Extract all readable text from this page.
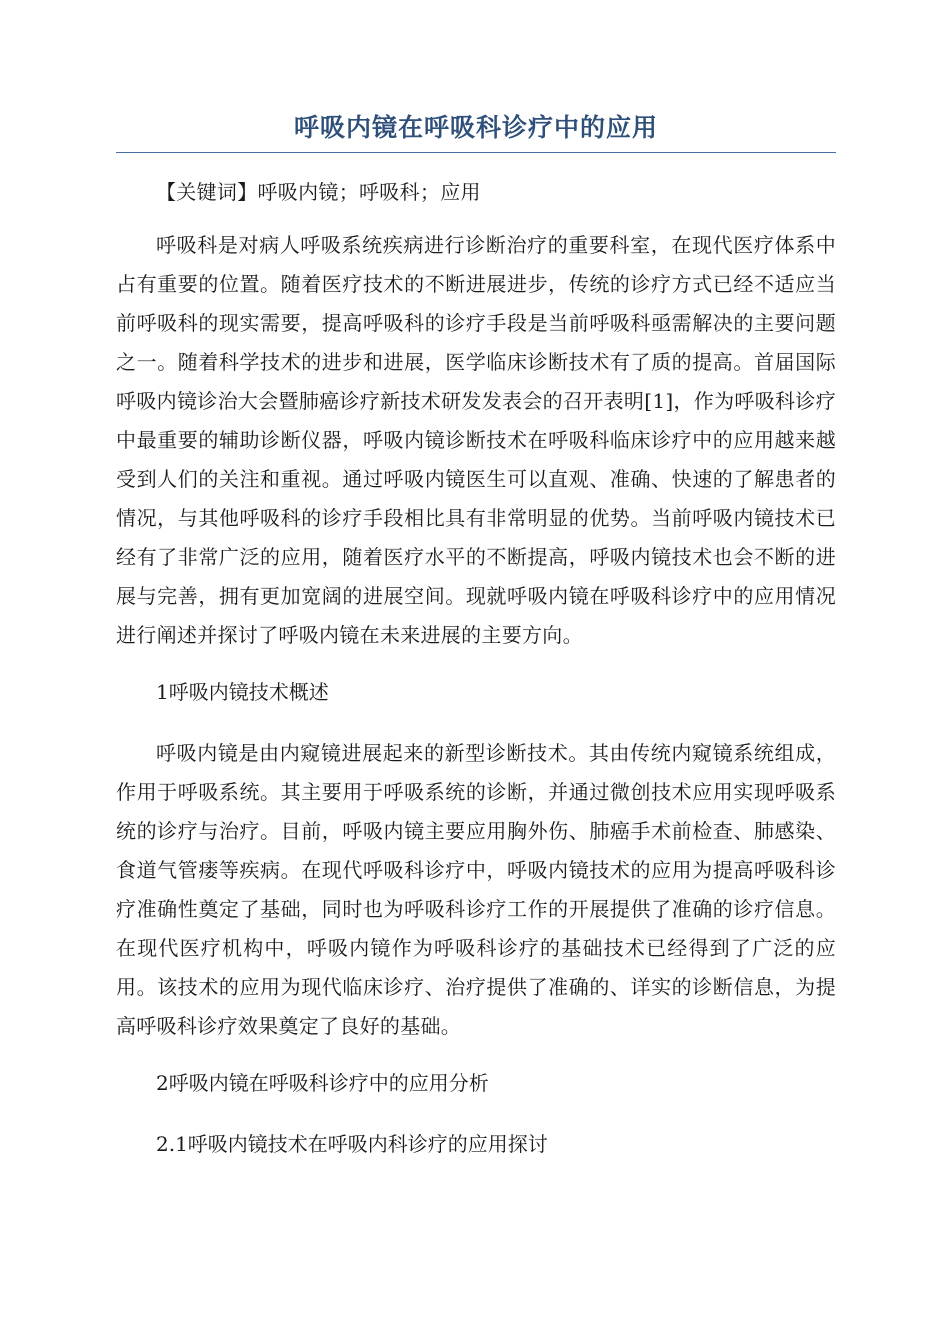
呼吸内镜在呼吸科诊疗中的应用

【关键词】呼吸内镜；呼吸科；应用

呼吸科是对病人呼吸系统疾病进行诊断治疗的重要科室，在现代医疗体系中占有重要的位置。随着医疗技术的不断进展进步，传统的诊疗方式已经不适应当前呼吸科的现实需要，提高呼吸科的诊疗手段是当前呼吸科亟需解决的主要问题之一。随着科学技术的进步和进展，医学临床诊断技术有了质的提高。首届国际呼吸内镜诊治大会暨肺癌诊疗新技术研发发表会的召开表明[1]，作为呼吸科诊疗中最重要的辅助诊断仪器，呼吸内镜诊断技术在呼吸科临床诊疗中的应用越来越受到人们的关注和重视。通过呼吸内镜医生可以直观、准确、快速的了解患者的情况，与其他呼吸科的诊疗手段相比具有非常明显的优势。当前呼吸内镜技术已经有了非常广泛的应用，随着医疗水平的不断提高，呼吸内镜技术也会不断的进展与完善，拥有更加宽阔的进展空间。现就呼吸内镜在呼吸科诊疗中的应用情况进行阐述并探讨了呼吸内镜在未来进展的主要方向。

1呼吸内镜技术概述

呼吸内镜是由内窥镜进展起来的新型诊断技术。其由传统内窥镜系统组成，作用于呼吸系统。其主要用于呼吸系统的诊断，并通过微创技术应用实现呼吸系统的诊疗与治疗。目前，呼吸内镜主要应用胸外伤、肺癌手术前检查、肺感染、食道气管瘘等疾病。在现代呼吸科诊疗中，呼吸内镜技术的应用为提高呼吸科诊疗准确性奠定了基础，同时也为呼吸科诊疗工作的开展提供了准确的诊疗信息。在现代医疗机构中，呼吸内镜作为呼吸科诊疗的基础技术已经得到了广泛的应用。该技术的应用为现代临床诊疗、治疗提供了准确的、详实的诊断信息，为提高呼吸科诊疗效果奠定了良好的基础。

2呼吸内镜在呼吸科诊疗中的应用分析

2.1呼吸内镜技术在呼吸内科诊疗的应用探讨
